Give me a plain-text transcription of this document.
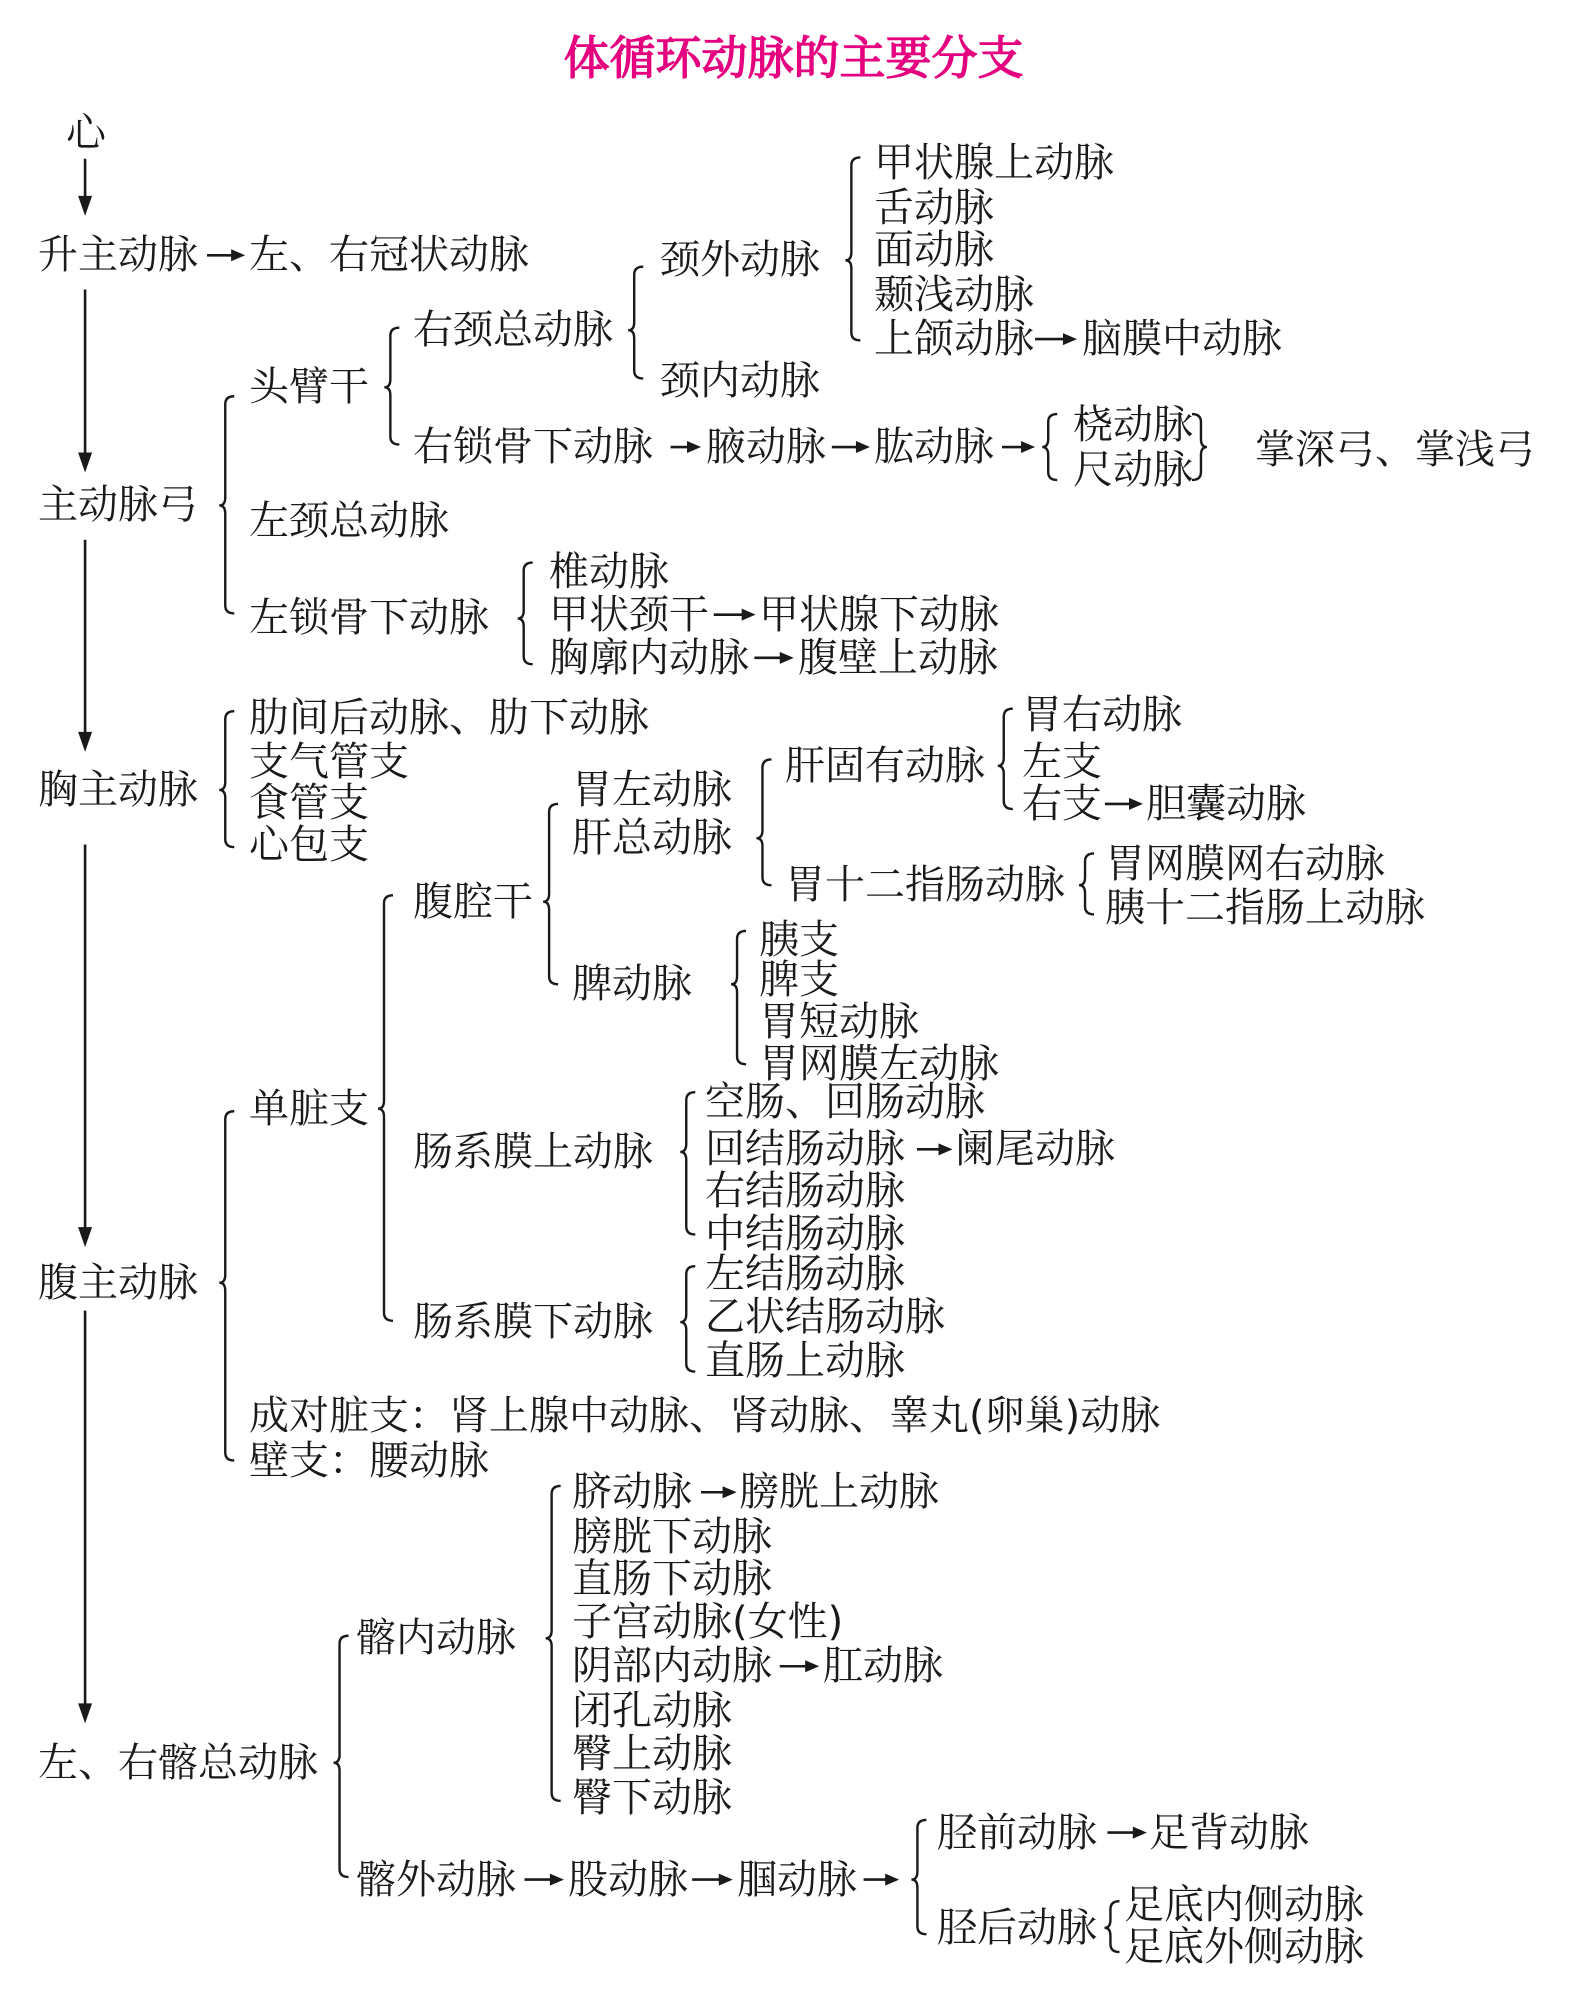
体循环动脉的主要分支
心
升主动脉 左、右冠状动脉	颈外动脉
甲状腺上动脉
舌动脉
面动脉
颞浅动脉
上颌动脉 脑膜中动脉
右颈总动脉
颈内动脉
头臂干
右锁骨下动脉 腋动脉 肱动脉 桡动脉
尺动脉 掌深弓、掌浅弓
主动脉弓 左颈总动脉
椎动脉
甲状颈干 甲状腺下动脉
左锁骨下动脉
胸廓内动脉 腹壁上动脉
肋间后动脉、肋下动脉
支气管支
食管支
心包支
胸主动脉
胃右动脉
左支
肝固有动脉
胃左动脉	右支 胆囊动脉
肝总动脉
胃网膜网右动脉
胃十二指肠动脉 胰十二指肠上动脉
腹腔干
胰支
脾支
脾动脉
胃短动脉
胃网膜左动脉
空肠、回肠动脉
单脏支
肠系膜上动脉 回结肠动脉 阑尾动脉
右结肠动脉
中结肠动脉
左结肠动脉
腹主动脉
乙状结肠动脉
肠系膜下动脉
直肠上动脉
成对脏支：肾上腺中动脉、肾动脉、睾丸(卵巢)动脉
壁支：腰动脉
脐动脉 膀胱上动脉
膀胱下动脉
直肠下动脉
子宫动脉(女性)
髂内动脉
阴部内动脉 肛动脉
闭孔动脉
臀上动脉
左、右髂总动脉
臀下动脉
胫前动脉 足背动脉
髂外动脉 股动脉 腘动脉
足底内侧动脉
胫后动脉 足底外侧动脉
